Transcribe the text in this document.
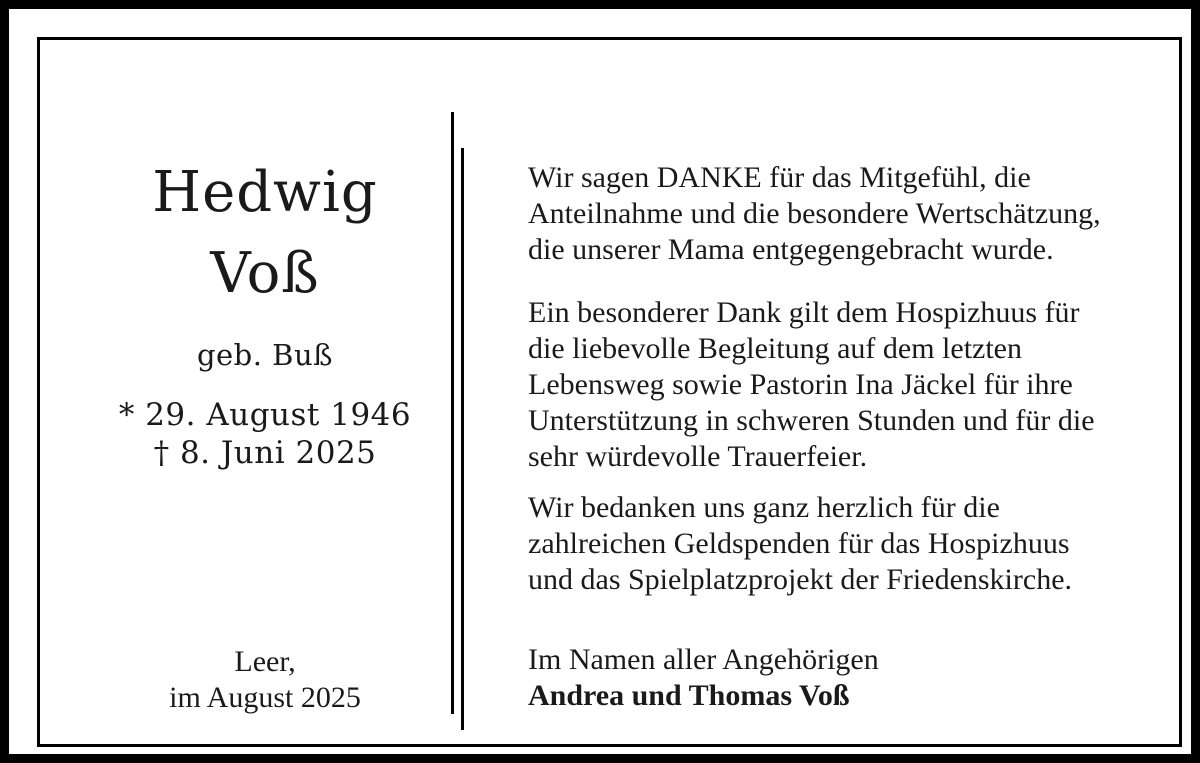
Hedwig
Voß
geb. Buß
* 29. August 1946
† 8. Juni 2025
Leer,
im August 2025
Wir sagen DANKE für das Mitgefühl, die
Anteilnahme und die besondere Wertschätzung,
die unserer Mama entgegengebracht wurde.
Ein besonderer Dank gilt dem Hospizhuus für
die liebevolle Begleitung auf dem letzten
Lebensweg sowie Pastorin Ina Jäckel für ihre
Unterstützung in schweren Stunden und für die
sehr würdevolle Trauerfeier.
Wir bedanken uns ganz herzlich für die
zahlreichen Geldspenden für das Hospizhuus
und das Spielplatzprojekt der Friedenskirche.
Im Namen aller Angehörigen
Andrea und Thomas Voß
